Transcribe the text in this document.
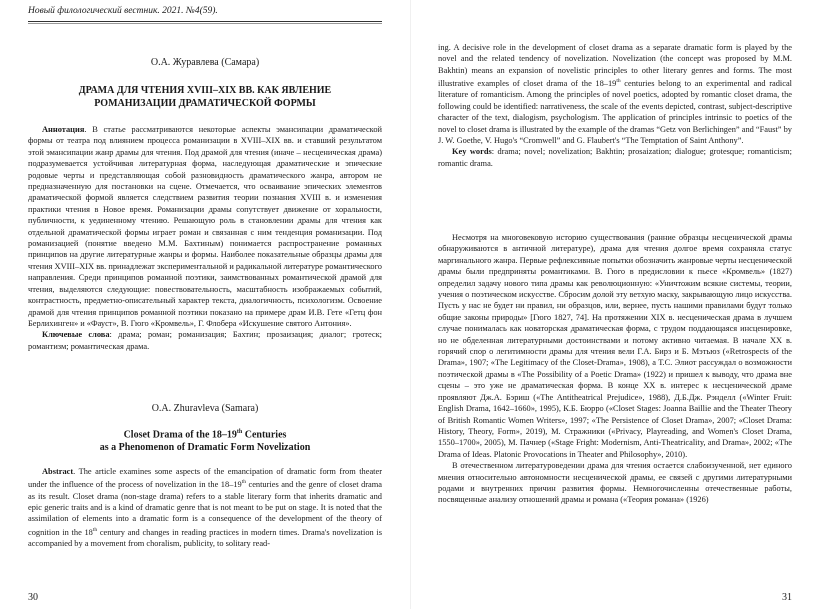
Новый филологический вестник. 2021. №4(59).
О.А. Журавлева (Самара)
ДРАМА ДЛЯ ЧТЕНИЯ XVIII–XIX ВВ. КАК ЯВЛЕНИЕ
РОМАНИЗАЦИИ ДРАМАТИЧЕСКОЙ ФОРМЫ

Аннотация. В статье рассматриваются некоторые аспекты эмансипации драматической формы от театра под влиянием процесса романизации в XVIII–XIX вв. и ставший результатом этой эмансипации жанр драмы для чтения. Под драмой для чтения (иначе – несценическая драма) подразумевается устойчивая литературная форма, наследующая драматические и эпические родовые черты и представляющая собой разновидность драматического жанра, автором не предназначенную для постановки на сцене. Отмечается, что осваивание эпических элементов драматической формой является следствием развития теории познания XVIII в. и изменения практики чтения в Новое время. Романизации драмы сопутствует движение от хоральности, публичности, к уединенному чтению. Решающую роль в становлении драмы для чтения как отдельной драматической формы играет роман и связанная с ним тенденция романизации. Под романизацией (понятие введено М.М. Бахтиным) понимается распространение романных принципов на другие литературные жанры и формы. Наиболее показательные образцы драмы для чтения XVIII–XIX вв. принадлежат экспериментальной и радикальной литературе романтического направления. Среди принципов романной поэтики, заимствованных романтической драмой для чтения, выделяются следующие: повествовательность, масштабность изображаемых событий, контрастность, предметно-описательный характер текста, диалогичность, психологизм. Освоение драмой для чтения принципов романной поэтики показано на примере драм И.В. Гете «Гетц фон Берлихинген» и «Фауст», В. Гюго «Кромвель», Г. Флобера «Искушение святого Антония».

Ключевые слова: драма; роман; романизация; Бахтин; прозаизация; диалог; гротеск; романтизм; романтическая драма.

O.A. Zhuravleva (Samara)
Closet Drama of the 18–19th Centuries
as a Phenomenon of Dramatic Form Novelization

Abstract. The article examines some aspects of the emancipation of dramatic form from theater under the influence of the process of novelization in the 18–19th centuries and the genre of closet drama as its result. Closet drama (non-stage drama) refers to a stable literary form that inherits dramatic and epic generic traits and is a kind of dramatic genre that is not meant to be put on stage. It is noted that the assimilation of elements into a dramatic form is a consequence of the development of the theory of cognition in the 18th century and changes in reading practices in modern times. Drama's novelization is accompanied by a movement from choralism, publicity, to solitary read-

30

ing. A decisive role in the development of closet drama as a separate dramatic form is played by the novel and the related tendency of novelization. Novelization (the concept was proposed by M.M. Bakhtin) means an expansion of novelistic principles to other literary genres and forms. The most illustrative examples of closet drama of the 18–19th centuries belong to an experimental and radical literature of romanticism. Among the principles of novel poetics, adopted by romantic closet drama, the following could be identified: narrativeness, the scale of the events depicted, contrast, subject-descriptive character of the text, dialogism, psychologism. The application of principles intrinsic to poetics of the novel to closet drama is illustrated by the example of the dramas “Getz von Berlichingen” and “Faust” by J. W. Goethe, V. Hugo's “Cromwell” and G. Flaubert's “The Temptation of Saint Anthony”.

Key words: drama; novel; novelization; Bakhtin; prosaization; dialogue; grotesque; romanticism; romantic drama.

Несмотря на многовековую историю существования (ранние образцы несценической драмы обнаруживаются в античной литературе), драма для чтения долгое время сохраняла статус маргинального жанра. Первые рефлексивные попытки обозначить жанровые черты несценической драмы были предприняты романтиками. В. Гюго в предисловии к пьесе «Кромвель» (1827) определил задачу нового типа драмы как революционную: «Уничтожим всякие системы, теории, учения о поэтическом искусстве. Сбросим долой эту ветхую маску, закрывающую лицо искусства. Пусть у нас не будет ни правил, ни образцов, или, вернее, пусть нашими правилами будут только общие законы природы» [Гюго 1827, 74]. На протяжении XIX в. несценическая драма в лучшем случае понималась как новаторская драматическая форма, с трудом поддающаяся инсценировке, но не обделенная литературными достоинствами и потому активно читаемая. В начале XX в. горячий спор о легитимности драмы для чтения вели Г.А. Бирз и Б. Мэтьюз («Retrospects of the Drama», 1907; «The Legitimacy of the Closet-Drama», 1908), а Т.С. Элиот рассуждал о возможности поэтической драмы в «The Possibility of a Poetic Drama» (1922) и пришел к выводу, что драма вне сцены – это уже не драматическая форма. В конце XX в. интерес к несценической драме проявляют Дж.А. Бэриш («The Antitheatrical Prejudice», 1988), Д.Б.Дж. Рэнделл («Winter Fruit: English Drama, 1642–1660», 1995), К.Б. Бюрро («Closet Stages: Joanna Baillie and the Theater Theory of British Romantic Women Writers», 1997; «The Persistence of Closet Drama», 2007; «Closet Drama: History, Theory, Form», 2019), М. Стражники («Privacy, Playreading, and Women's Closet Drama, 1550–1700», 2005), М. Пачнер («Stage Fright: Modernism, Anti-Theatricality, and Drama», 2002; «The Drama of Ideas. Platonic Provocations in Theater and Philosophy», 2010).

В отечественном литературоведении драма для чтения остается слабоизученной, нет единого мнения относительно автономности несценической драмы, ее связей с другими литературными родами и внутренних причин развития формы. Немногочисленны отечественные работы, посвященные анализу отношений драмы и романа («Теория романа» (1926)

31
